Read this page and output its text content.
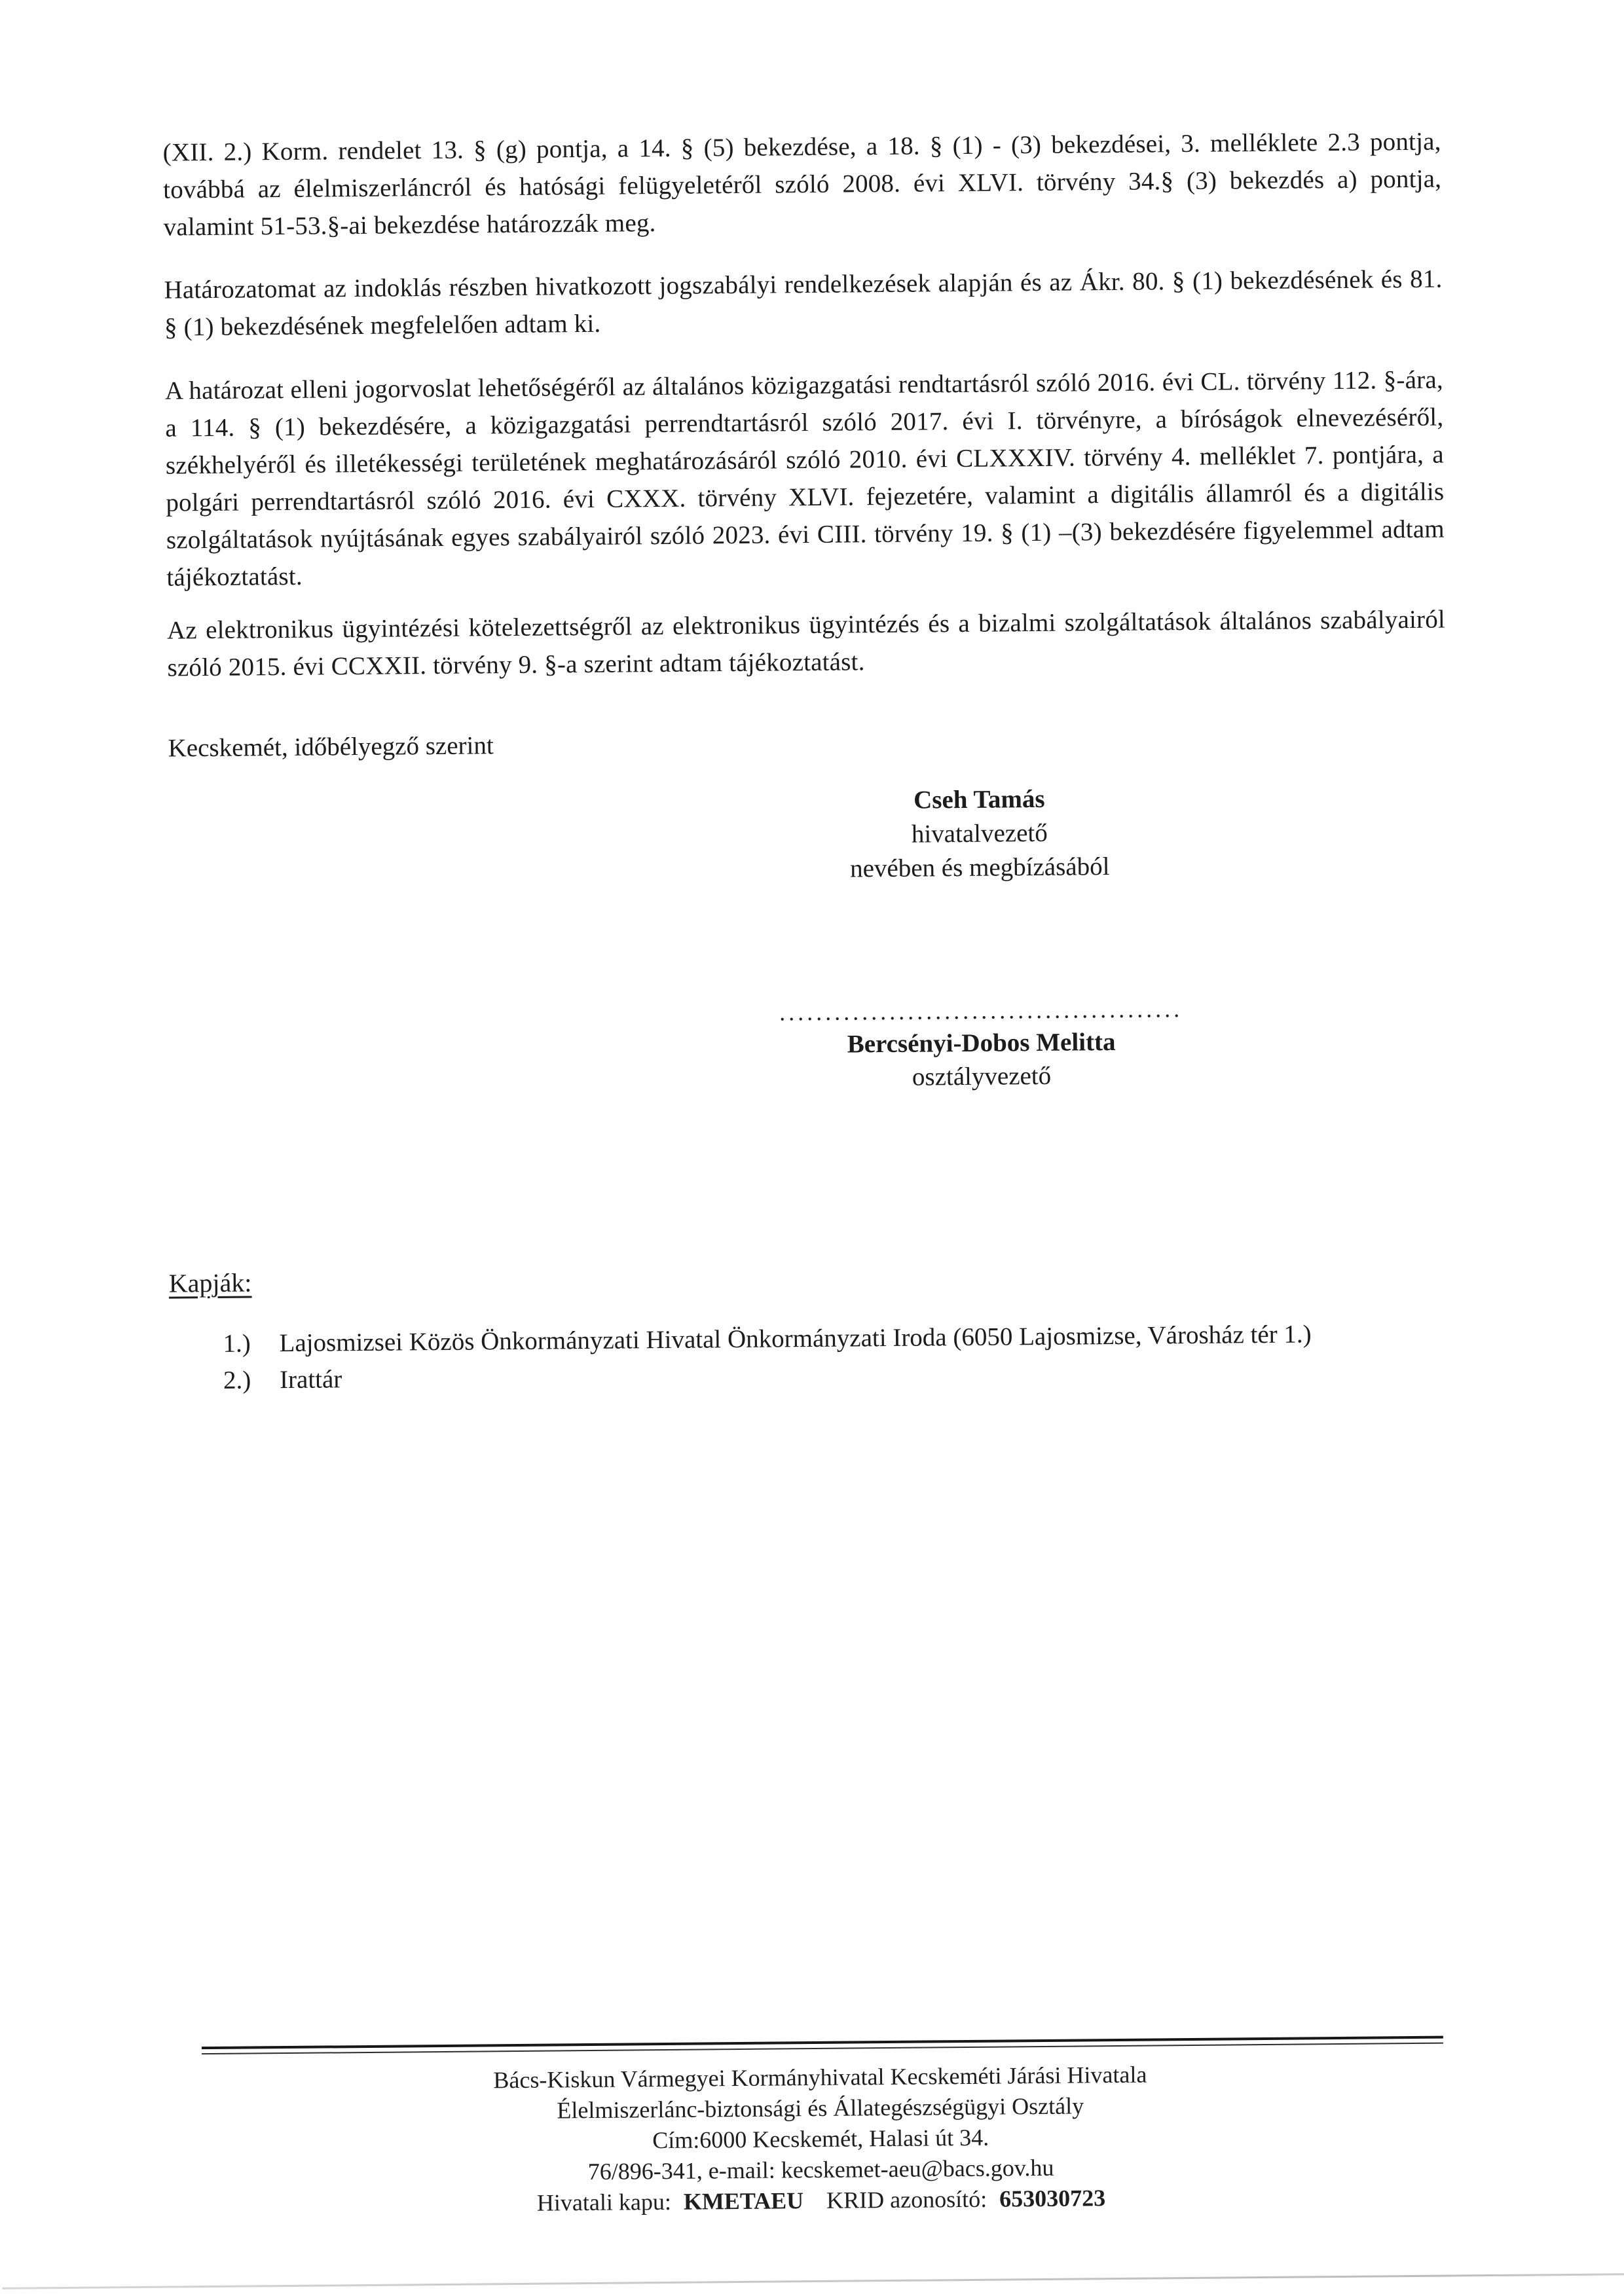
(XII. 2.) Korm. rendelet 13. § (g) pontja, a 14. § (5) bekezdése, a 18. § (1) - (3) bekezdései, 3. melléklete 2.3 pontja, továbbá az élelmiszerláncról és hatósági felügyeletéről szóló 2008. évi XLVI. törvény 34.§ (3) bekezdés a) pontja, valamint 51-53.§-ai bekezdése határozzák meg.

Határozatomat az indoklás részben hivatkozott jogszabályi rendelkezések alapján és az Ákr. 80. § (1) bekezdésének és 81. § (1) bekezdésének megfelelően adtam ki.

A határozat elleni jogorvoslat lehetőségéről az általános közigazgatási rendtartásról szóló 2016. évi CL. törvény 112. §-ára, a 114. § (1) bekezdésére, a közigazgatási perrendtartásról szóló 2017. évi I. törvényre, a bíróságok elnevezéséről, székhelyéről és illetékességi területének meghatározásáról szóló 2010. évi CLXXXIV. törvény 4. melléklet 7. pontjára, a polgári perrendtartásról szóló 2016. évi CXXX. törvény XLVI. fejezetére, valamint a digitális államról és a digitális szolgáltatások nyújtásának egyes szabályairól szóló 2023. évi CIII. törvény 19. § (1) –(3) bekezdésére figyelemmel adtam tájékoztatást.

Az elektronikus ügyintézési kötelezettségről az elektronikus ügyintézés és a bizalmi szolgáltatások általános szabályairól szóló 2015. évi CCXXII. törvény 9. §-a szerint adtam tájékoztatást.

Kecskemét, időbélyegző szerint
Cseh Tamás
hivatalvezető
nevében és megbízásából
............................................
Bercsényi-Dobos Melitta
osztályvezető
Kapják:
1.) Lajosmizsei Közös Önkormányzati Hivatal Önkormányzati Iroda (6050 Lajosmizse, Városház tér 1.)
2.) Irattár
Bács-Kiskun Vármegyei Kormányhivatal Kecskeméti Járási Hivatala
Élelmiszerlánc-biztonsági és Állategészségügyi Osztály
Cím:6000 Kecskemét, Halasi út 34.
76/896-341, e-mail: kecskemet-aeu@bacs.gov.hu
Hivatali kapu: KMETAEU KRID azonosító: 653030723
